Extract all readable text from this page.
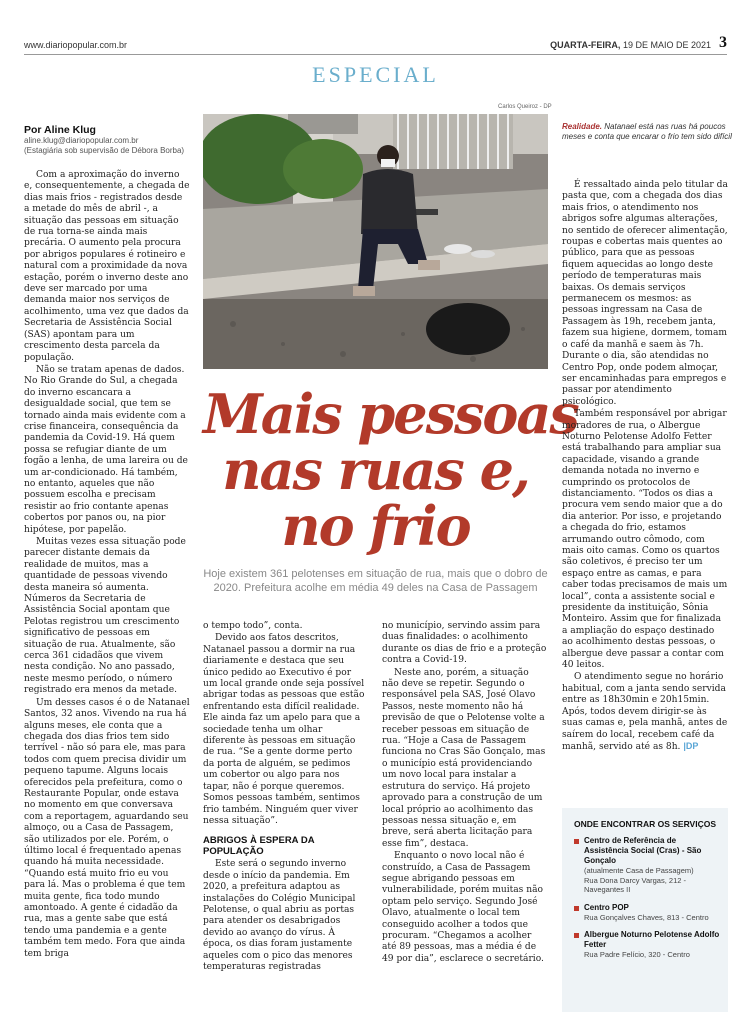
www.diariopopular.com.br	QUARTA-FEIRA, 19 DE MAIO DE 2021 3
ESPECIAL
Por Aline Klug
aline.klug@diariopopular.com.br
(Estagiária sob supervisão de Débora Borba)

Com a aproximação do inverno e, consequentemente, a chegada de dias mais frios - registrados desde a metade do mês de abril -, a situação das pessoas em situação de rua torna-se ainda mais precária. O aumento pela procura por abrigos populares é rotineiro e natural com a proximidade da nova estação, porém o inverno deste ano deve ser marcado por uma demanda maior nos serviços de acolhimento, uma vez que dados da Secretaria de Assistência Social (SAS) apontam para um crescimento desta parcela da população.

Não se tratam apenas de dados. No Rio Grande do Sul, a chegada do inverno escancara a desigualdade social, que tem se tornado ainda mais evidente com a crise financeira, consequência da pandemia da Covid-19. Há quem possa se refugiar diante de um fogão a lenha, de uma lareira ou de um ar-condicionado. Há também, no entanto, aqueles que não possuem escolha e precisam resistir ao frio contante apenas cobertos por panos ou, na pior hipótese, por papelão.

Muitas vezes essa situação pode parecer distante demais da realidade de muitos, mas a quantidade de pessoas vivendo desta maneira só aumenta. Números da Secretaria de Assistência Social apontam que Pelotas registrou um crescimento significativo de pessoas em situação de rua. Atualmente, são cerca 361 cidadãos que vivem nesta condição. No ano passado, neste mesmo período, o número registrado era menos da metade.

Um desses casos é o de Natanael Santos, 32 anos. Vivendo na rua há alguns meses, ele conta que a chegada dos dias frios tem sido terrível - não só para ele, mas para todos com quem precisa dividir um pequeno tapume. Alguns locais oferecidos pela prefeitura, como o Restaurante Popular, onde estava no momento em que conversava com a reportagem, aguardando seu almoço, ou a Casa de Passagem, são utilizados por ele. Porém, o último local é frequentado apenas quando há muita necessidade. “Quando está muito frio eu vou para lá. Mas o problema é que tem muita gente, fica todo mundo amontoado. A gente é cidadão da rua, mas a gente sabe que está tendo uma pandemia e a gente também tem medo. Fora que ainda tem briga

Carlos Queiroz - DP
Realidade. Natanael está nas ruas há poucos meses e conta que encarar o frio tem sido difícil
Mais pessoas
nas ruas e,
no frio
Hoje existem 361 pelotenses em situação de rua, mais que o dobro de 2020. Prefeitura acolhe em média 49 deles na Casa de Passagem

o tempo todo”, conta.

Devido aos fatos descritos, Natanael passou a dormir na rua diariamente e destaca que seu único pedido ao Executivo é por um local grande onde seja possível abrigar todas as pessoas que estão enfrentando esta difícil realidade. Ele ainda faz um apelo para que a sociedade tenha um olhar diferente às pessoas em situação de rua. “Se a gente dorme perto da porta de alguém, se pedimos um cobertor ou algo para nos tapar, não é porque queremos. Somos pessoas também, sentimos frio também. Ninguém quer viver nessa situação”.

ABRIGOS À ESPERA DA POPULAÇÃO

Este será o segundo inverno desde o início da pandemia. Em 2020, a prefeitura adaptou as instalações do Colégio Municipal Pelotense, o qual abriu as portas para atender os desabrigados devido ao avanço do vírus. À época, os dias foram justamente aqueles com o pico das menores temperaturas registradas

no município, servindo assim para duas finalidades: o acolhimento durante os dias de frio e a proteção contra a Covid-19.

Neste ano, porém, a situação não deve se repetir. Segundo o responsável pela SAS, José Olavo Passos, neste momento não há previsão de que o Pelotense volte a receber pessoas em situação de rua. “Hoje a Casa de Passagem funciona no Cras São Gonçalo, mas o município está providenciando um novo local para instalar a estrutura do serviço. Há projeto aprovado para a construção de um local próprio ao acolhimento das pessoas nessa situação e, em breve, será aberta licitação para esse fim”, destaca.

Enquanto o novo local não é construído, a Casa de Passagem segue abrigando pessoas em vulnerabilidade, porém muitas não optam pelo serviço. Segundo José Olavo, atualmente o local tem conseguido acolher a todos que procuram. “Chegamos a acolher até 89 pessoas, mas a média é de 49 por dia”, esclarece o secretário.

É ressaltado ainda pelo titular da pasta que, com a chegada dos dias mais frios, o atendimento nos abrigos sofre algumas alterações, no sentido de oferecer alimentação, roupas e cobertas mais quentes ao público, para que as pessoas fiquem aquecidas ao longo deste período de temperaturas mais baixas. Os demais serviços permanecem os mesmos: as pessoas ingressam na Casa de Passagem às 19h, recebem janta, fazem sua higiene, dormem, tomam o café da manhã e saem às 7h. Durante o dia, são atendidas no Centro Pop, onde podem almoçar, ser encaminhadas para empregos e passar por atendimento psicológico.

Também responsável por abrigar moradores de rua, o Albergue Noturno Pelotense Adolfo Fetter está trabalhando para ampliar sua capacidade, visando a grande demanda notada no inverno e cumprindo os protocolos de distanciamento. “Todos os dias a procura vem sendo maior que a do dia anterior. Por isso, e projetando a chegada do frio, estamos arrumando outro cômodo, com mais oito camas. Como os quartos são coletivos, é preciso ter um espaço entre as camas, e para caber todas precisamos de mais um local”, conta a assistente social e presidente da instituição, Sônia Monteiro. Assim que for finalizada a ampliação do espaço destinado ao acolhimento destas pessoas, o albergue deve passar a contar com 40 leitos.

O atendimento segue no horário habitual, com a janta sendo servida entre as 18h30min e 20h15min. Após, todos devem dirigir-se às suas camas e, pela manhã, antes de saírem do local, recebem café da manhã, servido até as 8h. |DP

ONDE ENCONTRAR OS SERVIÇOS
Centro de Referência de Assistência Social (Cras) - São Gonçalo
(atualmente Casa de Passagem)
Rua Dona Darcy Vargas, 212 - Navegantes II
Centro POP
Rua Gonçalves Chaves, 813 - Centro
Albergue Noturno Pelotense Adolfo Fetter
Rua Padre Felício, 320 - Centro
